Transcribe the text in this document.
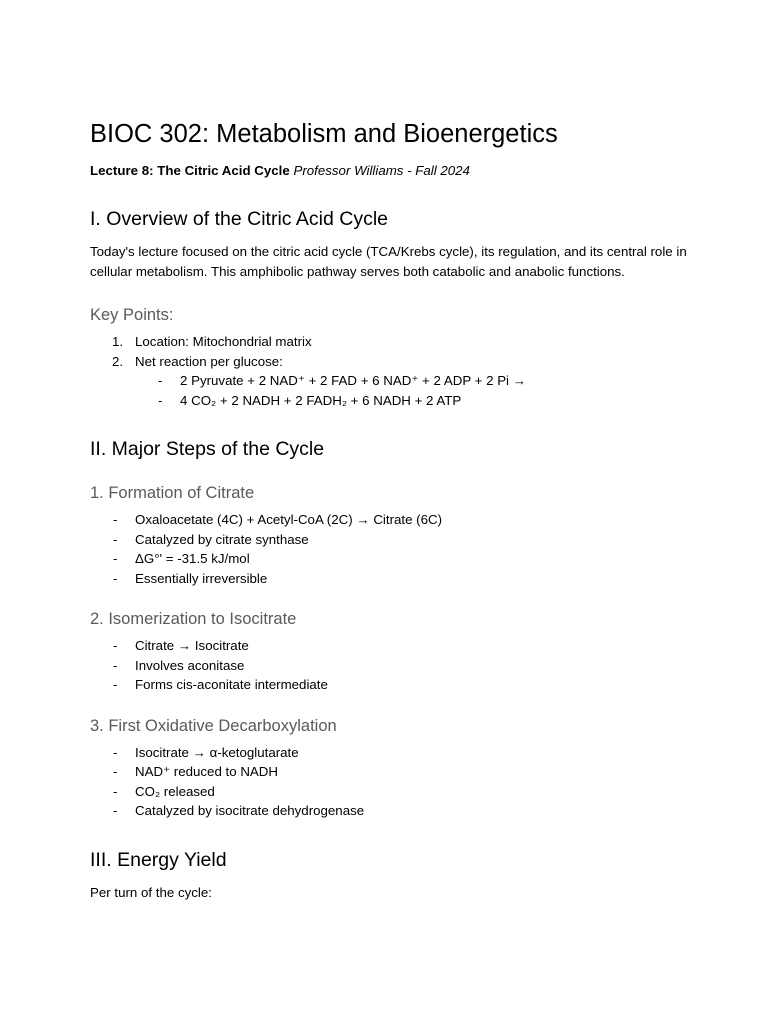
BIOC 302: Metabolism and Bioenergetics
Lecture 8: The Citric Acid Cycle Professor Williams - Fall 2024
I. Overview of the Citric Acid Cycle

Today's lecture focused on the citric acid cycle (TCA/Krebs cycle), its regulation, and its central role in cellular metabolism. This amphibolic pathway serves both catabolic and anabolic functions.

Key Points:
1. Location: Mitochondrial matrix
2. Net reaction per glucose:
- 2 Pyruvate + 2 NAD⁺ + 2 FAD + 6 NAD⁺ + 2 ADP + 2 Pi →
- 4 CO₂ + 2 NADH + 2 FADH₂ + 6 NADH + 2 ATP
II. Major Steps of the Cycle
1. Formation of Citrate
- Oxaloacetate (4C) + Acetyl-CoA (2C) → Citrate (6C)
- Catalyzed by citrate synthase
- ΔG°' = -31.5 kJ/mol
- Essentially irreversible
2. Isomerization to Isocitrate
- Citrate → Isocitrate
- Involves aconitase
- Forms cis-aconitate intermediate
3. First Oxidative Decarboxylation
- Isocitrate → α-ketoglutarate
- NAD⁺ reduced to NADH
- CO₂ released
- Catalyzed by isocitrate dehydrogenase
III. Energy Yield

Per turn of the cycle:
